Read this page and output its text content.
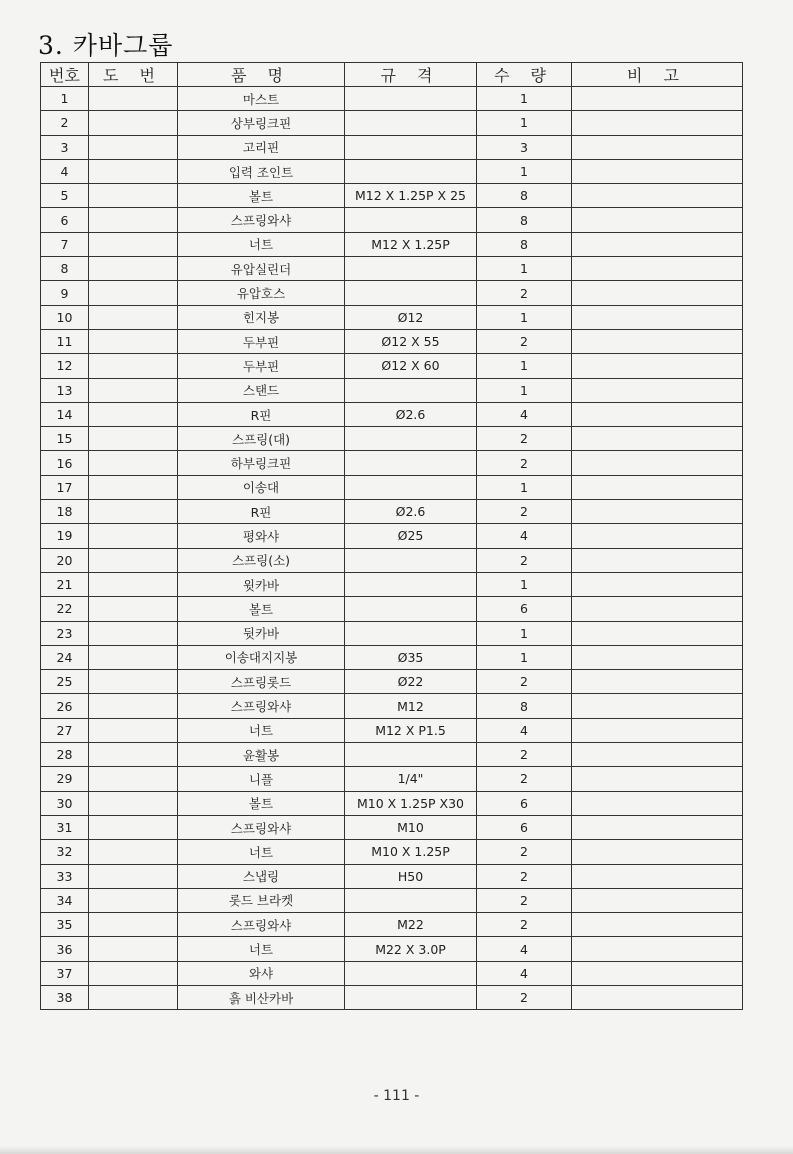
3. 카바그룹
번호	도 번	품 명	규 격	수 량	비 고
1		마스트		1	
2		상부링크핀		1	
3		고리핀		3	
4		입력 조인트		1	
5		볼트	M12 X 1.25P X 25	8	
6		스프링와샤		8	
7		너트	M12 X 1.25P	8	
8		유압실린더		1	
9		유압호스		2	
10		힌지봉	Ø12	1	
11		두부핀	Ø12 X 55	2	
12		두부핀	Ø12 X 60	1	
13		스탠드		1	
14		R핀	Ø2.6	4	
15		스프링(대)		2	
16		하부링크핀		2	
17		이송대		1	
18		R핀	Ø2.6	2	
19		평와샤	Ø25	4	
20		스프링(소)		2	
21		윗카바		1	
22		볼트		6	
23		뒷카바		1	
24		이송대지지봉	Ø35	1	
25		스프링롯드	Ø22	2	
26		스프링와샤	M12	8	
27		너트	M12 X P1.5	4	
28		윤활봉		2	
29		니플	1/4"	2	
30		볼트	M10 X 1.25P X30	6	
31		스프링와샤	M10	6	
32		너트	M10 X 1.25P	2	
33		스냅링	H50	2	
34		롯드 브라켓		2	
35		스프링와샤	M22	2	
36		너트	M22 X 3.0P	4	
37		와샤		4	
38		흙 비산카바		2	
- 111 -
